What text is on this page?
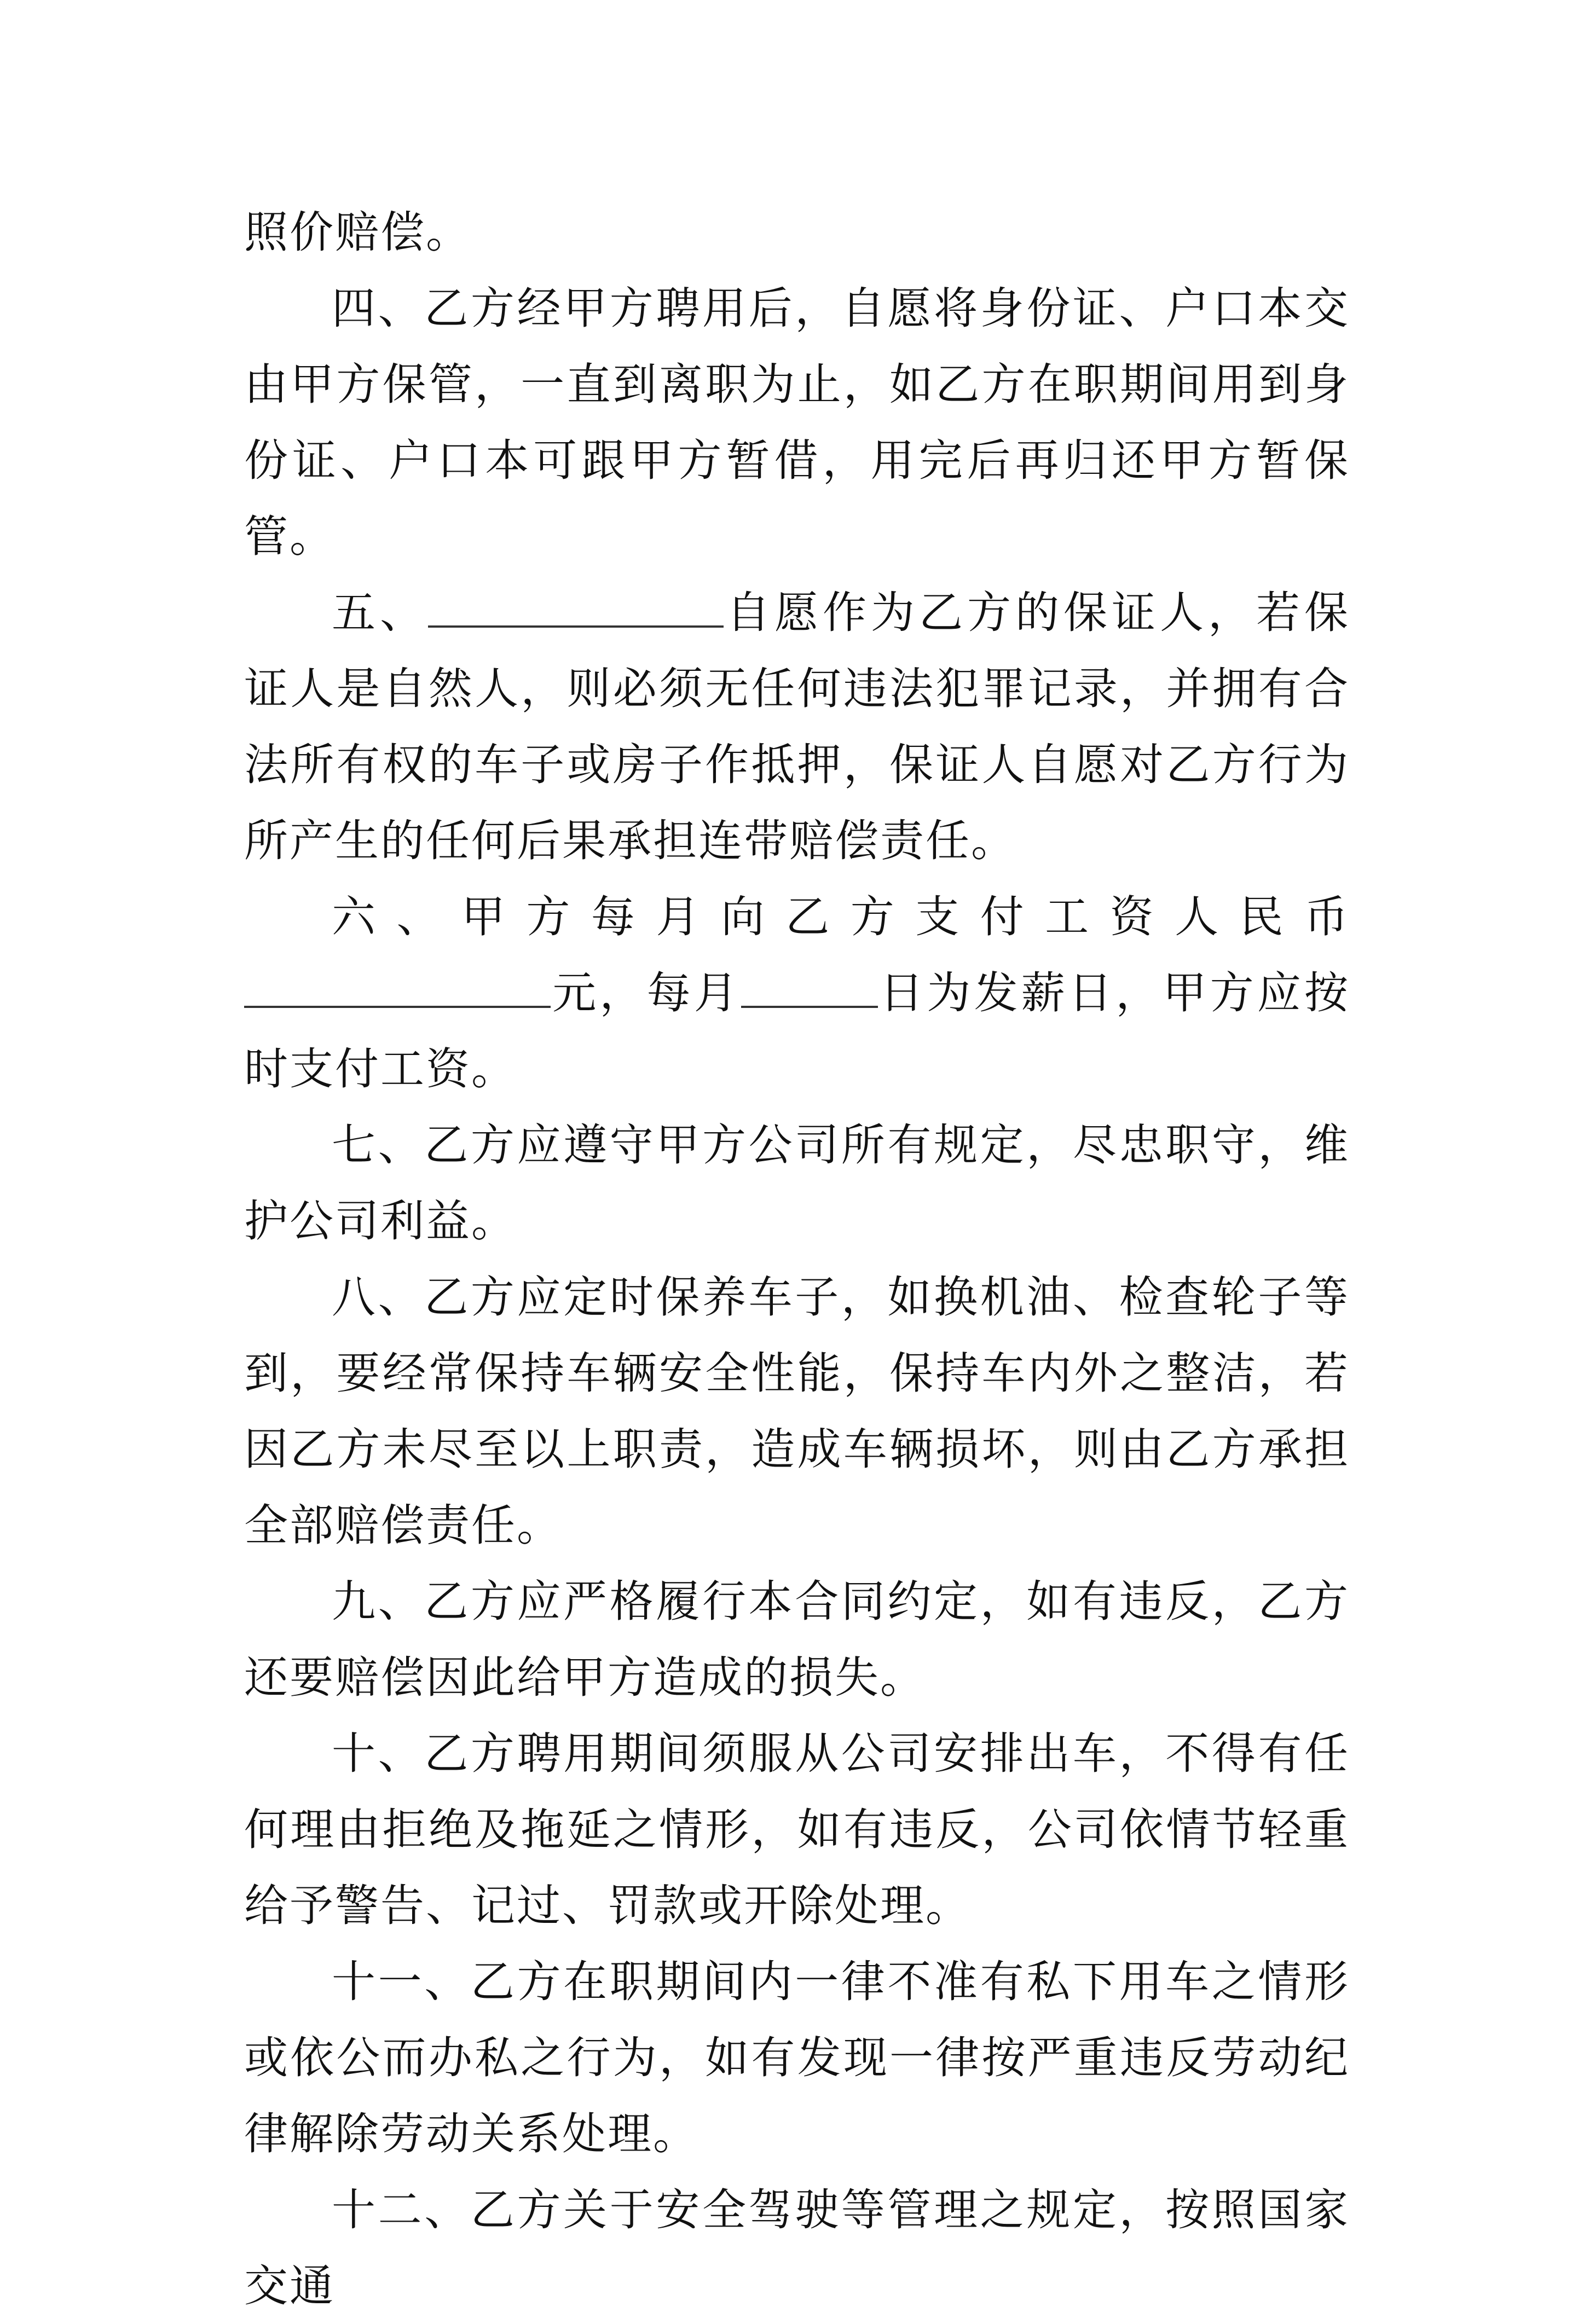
照价赔偿。

四、乙方经甲方聘用后，自愿将身份证、户口本交由甲方保管，一直到离职为止，如乙方在职期间用到身份证、户口本可跟甲方暂借，用完后再归还甲方暂保管。

五、	自愿作为乙方的保证人，若保证人是自然人，则必须无任何违法犯罪记录，并拥有合法所有权的车子或房子作抵押，保证人自愿对乙方行为所产生的任何后果承担连带赔偿责任。

六、甲方每月向乙方支付工资人民币元，每月	日为发薪日，甲方应按时支付工资。

七、乙方应遵守甲方公司所有规定，尽忠职守，维护公司利益。

八、乙方应定时保养车子，如换机油、检查轮子等到，要经常保持车辆安全性能，保持车内外之整洁，若因乙方未尽至以上职责，造成车辆损坏，则由乙方承担全部赔偿责任。

九、乙方应严格履行本合同约定，如有违反，乙方还要赔偿因此给甲方造成的损失。

十、乙方聘用期间须服从公司安排出车，不得有任何理由拒绝及拖延之情形，如有违反，公司依情节轻重给予警告、记过、罚款或开除处理。

十一、乙方在职期间内一律不准有私下用车之情形或依公而办私之行为，如有发现一律按严重违反劳动纪律解除劳动关系处理。

十二、乙方关于安全驾驶等管理之规定，按照国家交通
